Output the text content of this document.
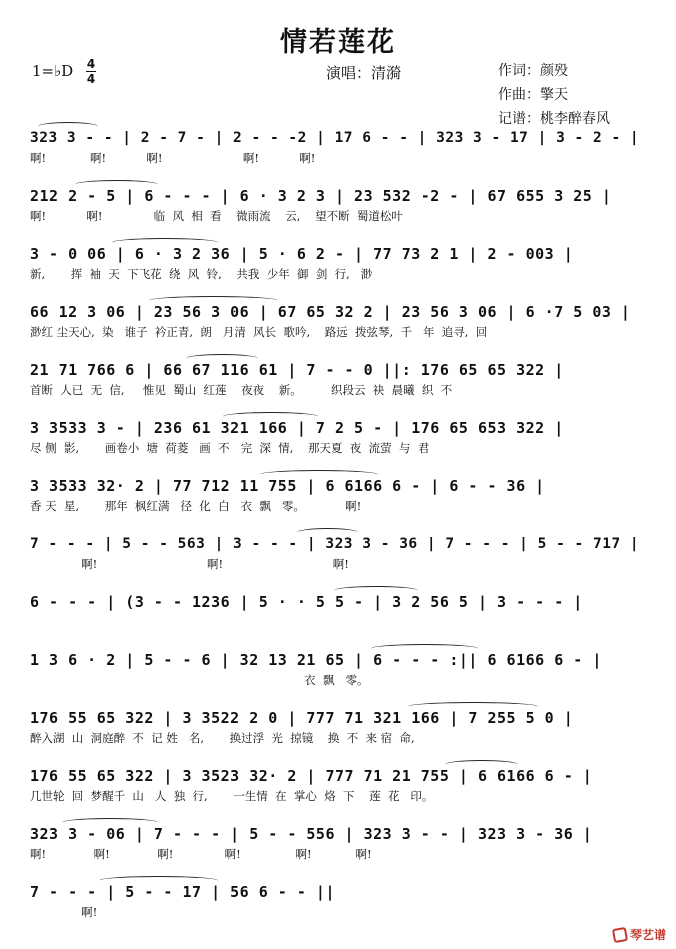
情若莲花
1=♭D 4
4	演唱：清漪	作词：颜殁
作曲：擎天
记谱：桃李醉春风
323 3 - - | 2 - 7 - | 2 - - -2 | 17 6 - - | 323 3 - 17 | 3 - 2 - |
啊!            啊!           啊!                      啊!           啊!
212 2 - 5 | 6 - - - | 6 · 3 2 3 | 23 532 -2 - | 67 655 3 25 |
啊!           啊!              临  风  相  看    微雨流    云,    望不断  蜀道松叶
3 - 0 06 | 6 · 3 2 36 | 5 · 6 2 - | 77 73 2 1 | 2 - 003 |
新,       挥  袖  天  下飞花  绕  风  铃,    共我  少年  御  剑  行,   渺
66 12 3 06 | 23 56 3 06 | 67 65 32 2 | 23 56 3 06 | 6 ·7 5 03 |
渺红 尘天心,  染   谁子  衿正青,  朗   月清  风长  歌吟,    路远  拨弦琴,  千   年  追寻,  回
21 71 766 6 | 66 67 116 61 | 7 - - 0 ||: 176 65 65 322 |
首断  人已  无  信,     惟见  蜀山  红莲    夜夜    新。        织段云  袂  晨曦  织  不
3 3533 3 - | 236 61 321 166 | 7 2 5 - | 176 65 653 322 |
尽 侧  影,       画卷小  塘  荷菱   画  不   完  深  情,    那天夏  夜  流萤  与  君
3 3533 32· 2 | 77 712 11 755 | 6 6166 6 - | 6 - - 36 |
香 天  星,       那年  枫红满   径  化  白   衣  飘   零。           啊!
7 - - - | 5 - - 563 | 3 - - - | 323 3 - 36 | 7 - - - | 5 - - 717 |
啊!                              啊!                              啊!
6 - - - | (3 - - 1236 | 5 · · 5 5 - | 3 2 56 5 | 3 - - - |
1 3 6 · 2 | 5 - - 6 | 32 13 21 65 | 6 - - - :|| 6 6166 6 - |
衣  飘   零。
176 55 65 322 | 3 3522 2 0 | 777 71 321 166 | 7 255 5 0 |
醉入湖  山  洞庭醉  不  记 姓   名,       换过浮  光  掠镜    换  不  来 宿  命,
176 55 65 322 | 3 3523 32· 2 | 777 71 21 755 | 6 6166 6 - |
几世轮  回  梦醒千  山   人  独  行,       一生情  在  掌心  烙  下    莲  花   印。
323 3 - 06 | 7 - - - | 5 - - 556 | 323 3 - - | 323 3 - 36 |
啊!             啊!             啊!              啊!               啊!            啊!
7 - - - | 5 - - 17 | 56 6 - - ||
啊!
琴艺谱
